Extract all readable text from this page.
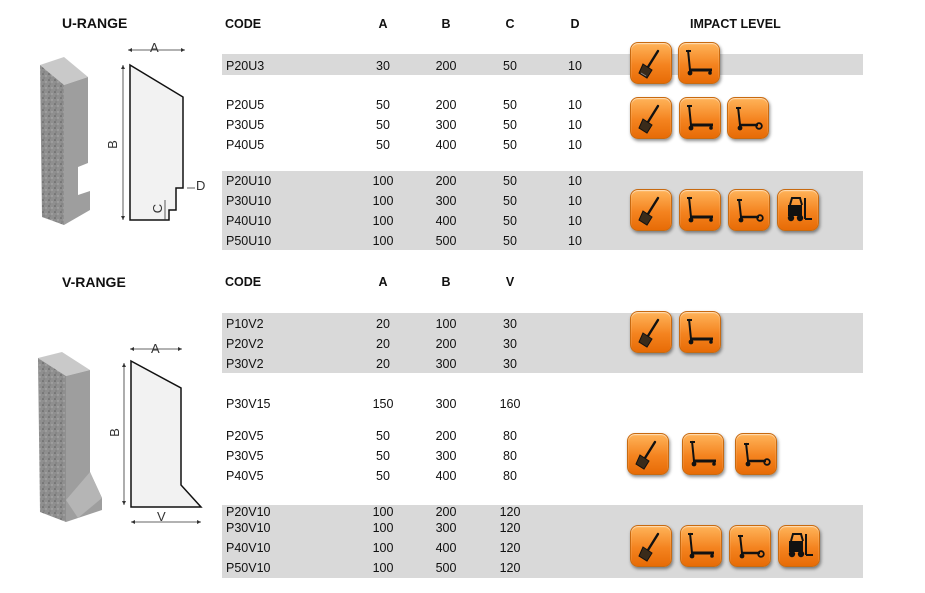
U-RANGE	CODE	A	B	C	D	IMPACT LEVEL
P20U3	30	200	50	10
P20U5	50	200	50	10
P30U5	50	300	50	10
P40U5	50	400	50	10
P20U10	100	200	50	10
P30U10	100	300	50	10
P40U10	100	400	50	10
P50U10	100	500	50	10
A
B
C
D
V-RANGE	CODE	A	B	V
P10V2	20	100	30
P20V2	20	200	30
P30V2	20	300	30
P30V15	150	300	160
P20V5	50	200	80
P30V5	50	300	80
P40V5	50	400	80
P20V10	100	200	120
P30V10	100	300	120
P40V10	100	400	120
P50V10	100	500	120
A
B
V
